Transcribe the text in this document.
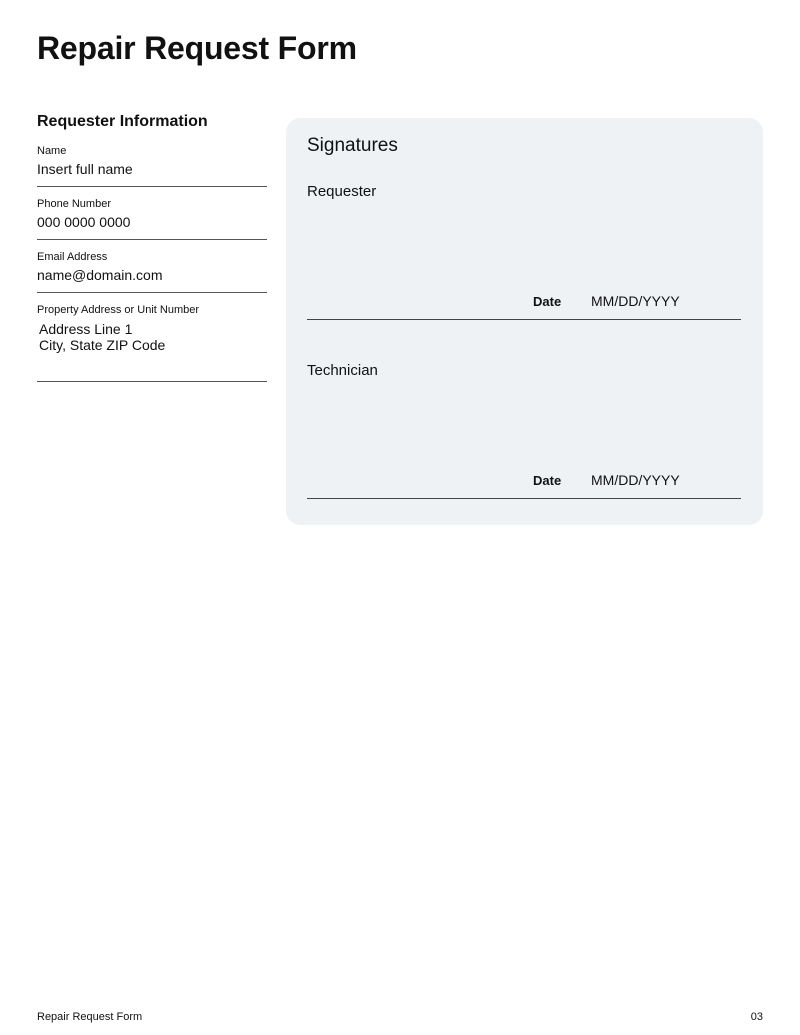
Repair Request Form
Requester Information
Name
Insert full name
Phone Number
000 0000 0000
Email Address
name@domain.com
Property Address or Unit Number
Address Line 1
City, State ZIP Code
Signatures
Requester
Date MM/DD/YYYY
Technician
Date MM/DD/YYYY
Repair Request Form	03
